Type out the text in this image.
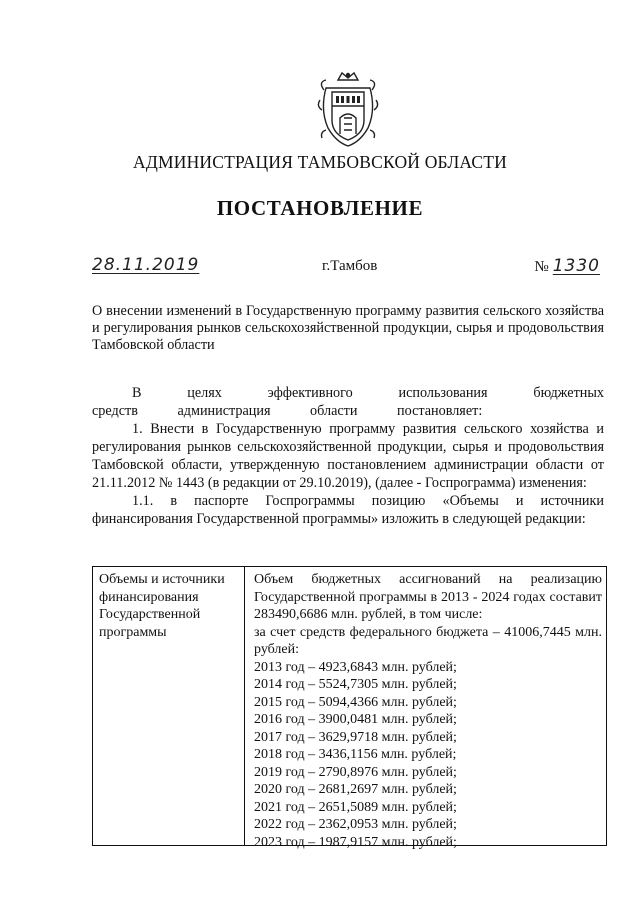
АДМИНИСТРАЦИЯ ТАМБОВСКОЙ ОБЛАСТИ
ПОСТАНОВЛЕНИЕ
28.11.2019	г.Тамбов	№ 1330
О внесении изменений в Государственную программу развития сельского хозяйства и регулирования рынков сельскохозяйственной продукции, сырья и продовольствия Тамбовской области

В целях эффективного использования бюджетных средств администрация области постановляет:

1. Внести в Государственную программу развития сельского хозяйства и регулирования рынков сельскохозяйственной продукции, сырья и продовольствия Тамбовской области, утвержденную постановлением администрации области от 21.11.2012 № 1443 (в редакции от 29.10.2019), (далее - Госпрограмма) изменения:

1.1. в паспорте Госпрограммы позицию «Объемы и источники финансирования Государственной программы» изложить в следующей редакции:

Объемы и источники финансирования Государственной программы
Объем бюджетных ассигнований на реализацию Государственной программы в 2013 - 2024 годах составит 283490,6686 млн. рублей, в том числе:
за счет средств федерального бюджета – 41006,7445 млн. рублей:
2013 год – 4923,6843 млн. рублей;
2014 год – 5524,7305 млн. рублей;
2015 год – 5094,4366 млн. рублей;
2016 год – 3900,0481 млн. рублей;
2017 год – 3629,9718 млн. рублей;
2018 год – 3436,1156 млн. рублей;
2019 год – 2790,8976 млн. рублей;
2020 год – 2681,2697 млн. рублей;
2021 год – 2651,5089 млн. рублей;
2022 год – 2362,0953 млн. рублей;
2023 год – 1987,9157 млн. рублей;
